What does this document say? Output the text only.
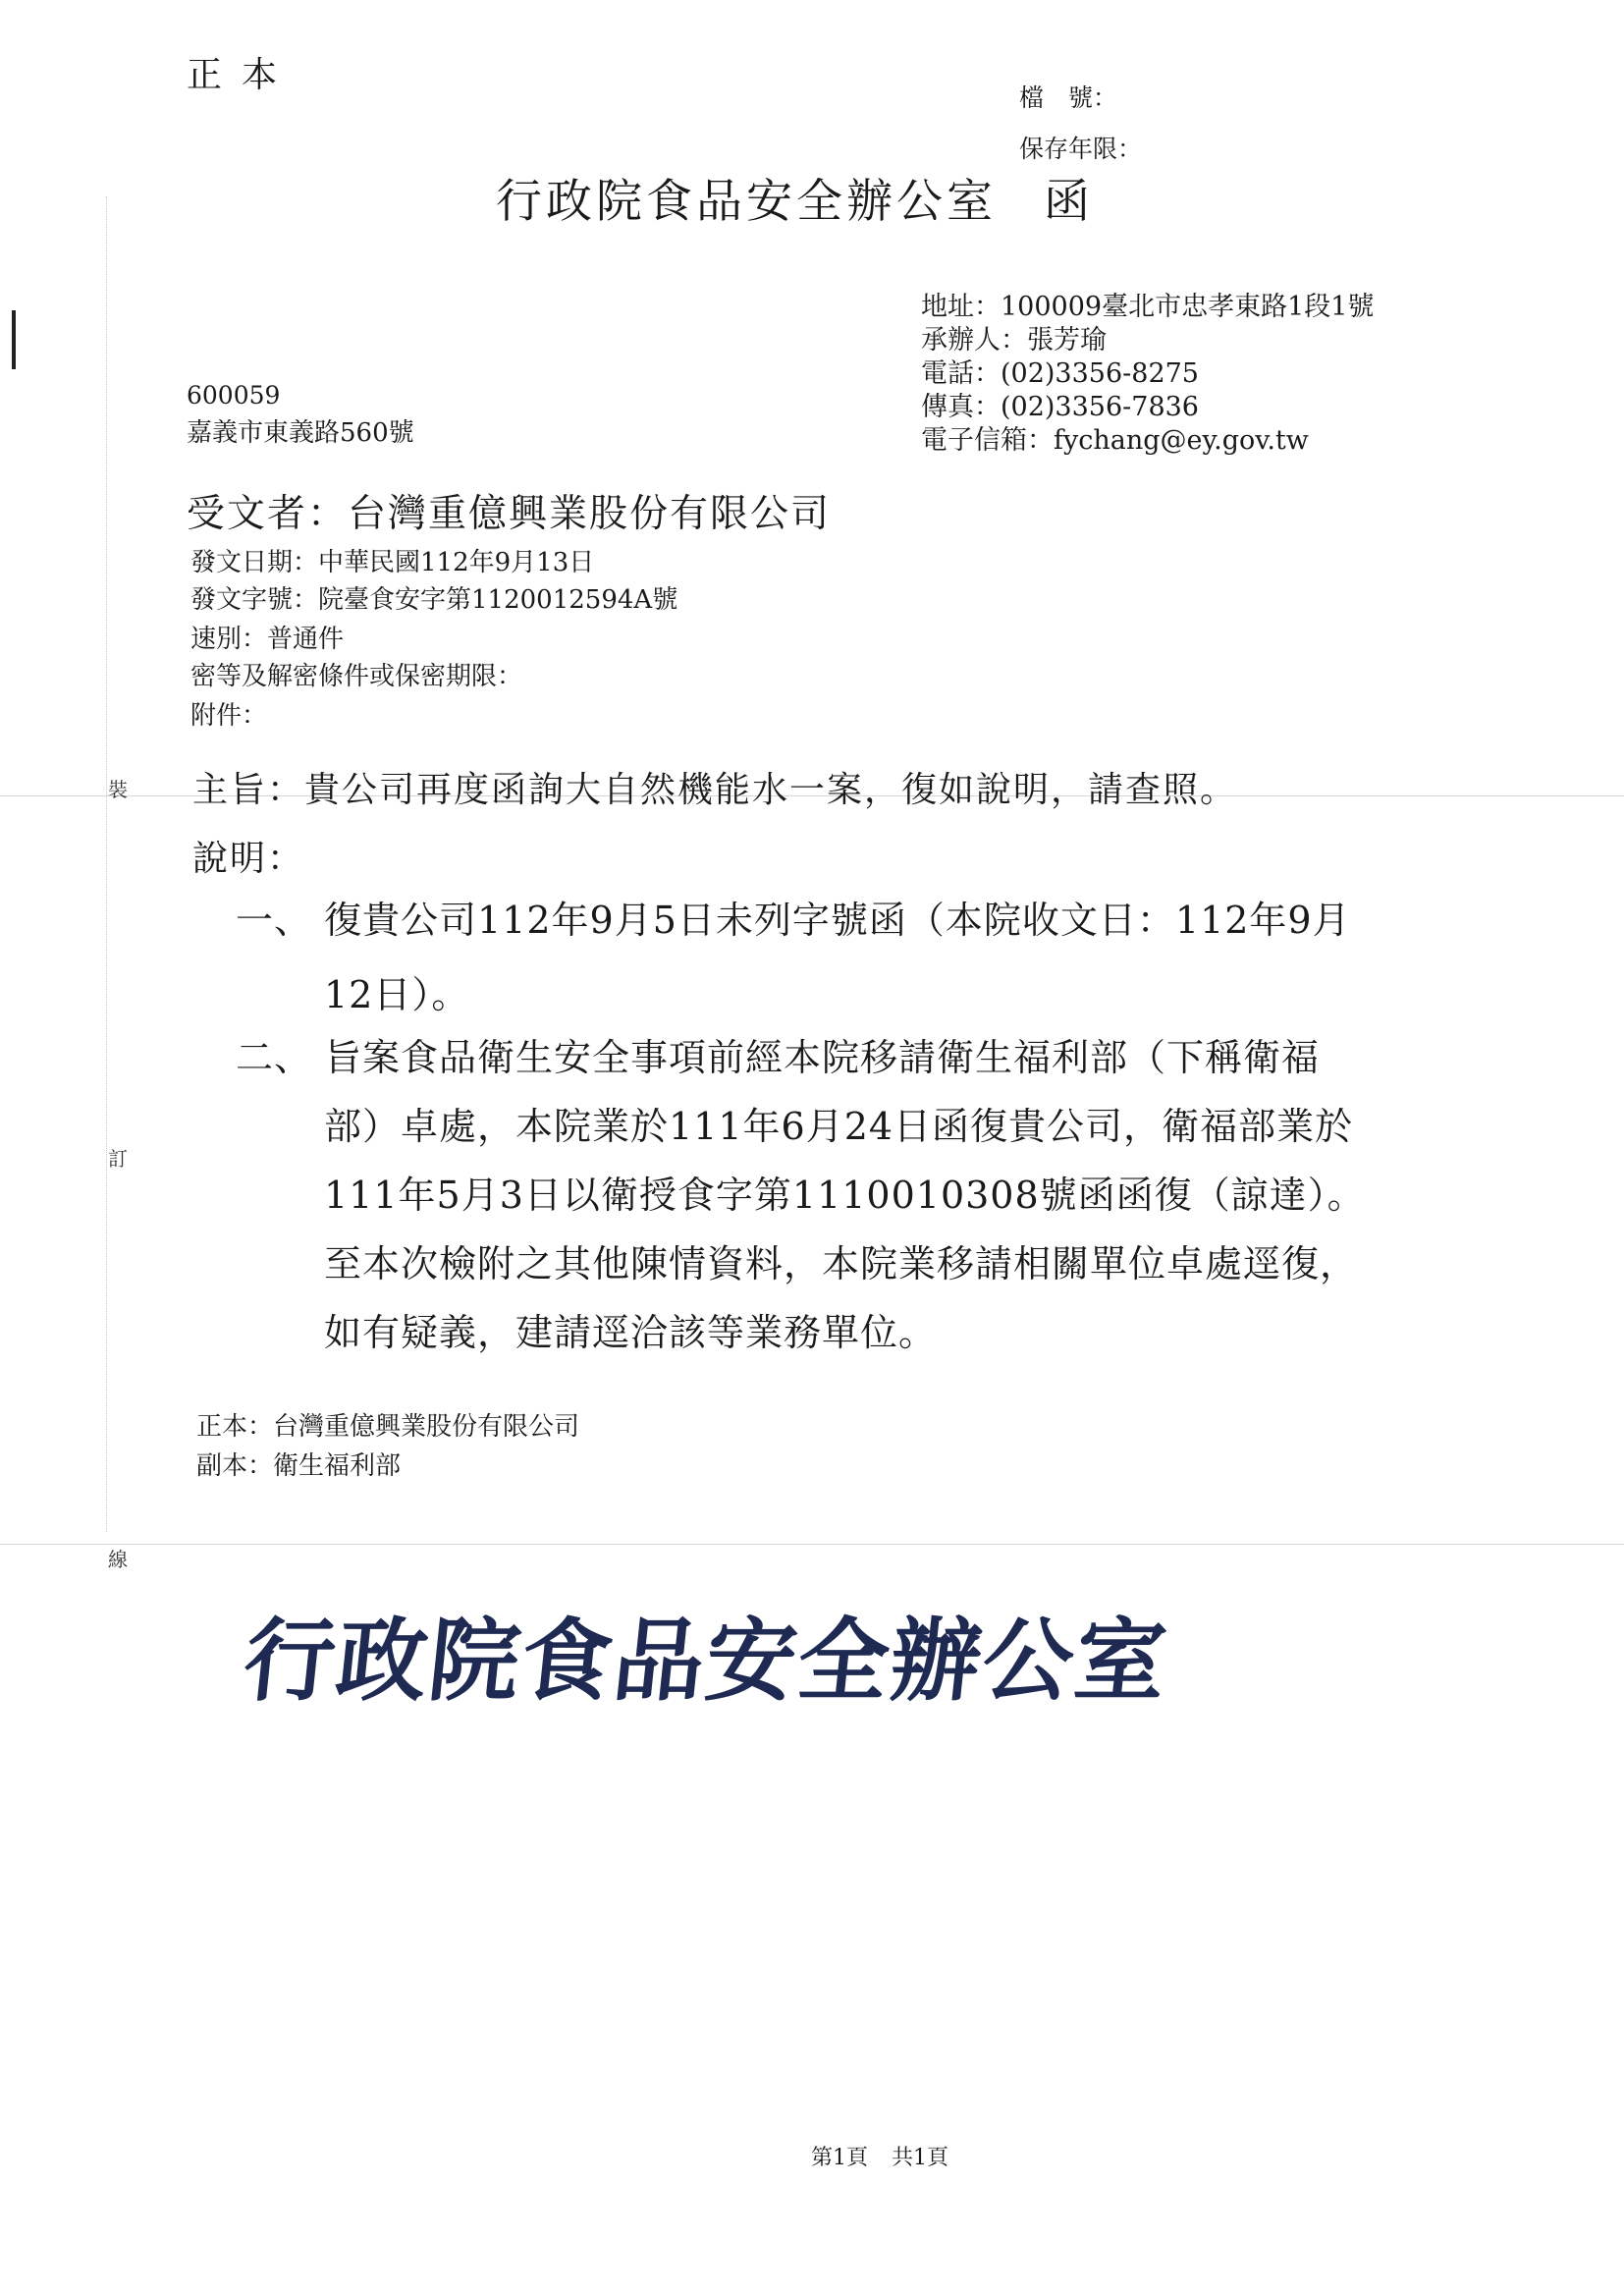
正本
檔　號：
保存年限：
行政院食品安全辦公室 函
地址：100009臺北市忠孝東路1段1號
承辦人：張芳瑜
電話：(02)3356-8275
傳真：(02)3356-7836
電子信箱：fychang@ey.gov.tw
600059
嘉義市東義路560號
受文者：台灣重億興業股份有限公司
發文日期：中華民國112年9月13日
發文字號：院臺食安字第1120012594A號
速別：普通件
密等及解密條件或保密期限：
附件：
主旨：貴公司再度函詢大自然機能水一案，復如說明，請查照。
說明：
一、 復貴公司112年9月5日未列字號函（本院收文日：112年9月
12日）。
二、 旨案食品衛生安全事項前經本院移請衛生福利部（下稱衛福
部）卓處，本院業於111年6月24日函復貴公司，衛福部業於
111年5月3日以衛授食字第1110010308號函函復（諒達）。
至本次檢附之其他陳情資料，本院業移請相關單位卓處逕復，
如有疑義，建請逕洽該等業務單位。
正本：台灣重億興業股份有限公司
副本：衛生福利部
裝
訂
線
行政院食品安全辦公室
第1頁 共1頁
